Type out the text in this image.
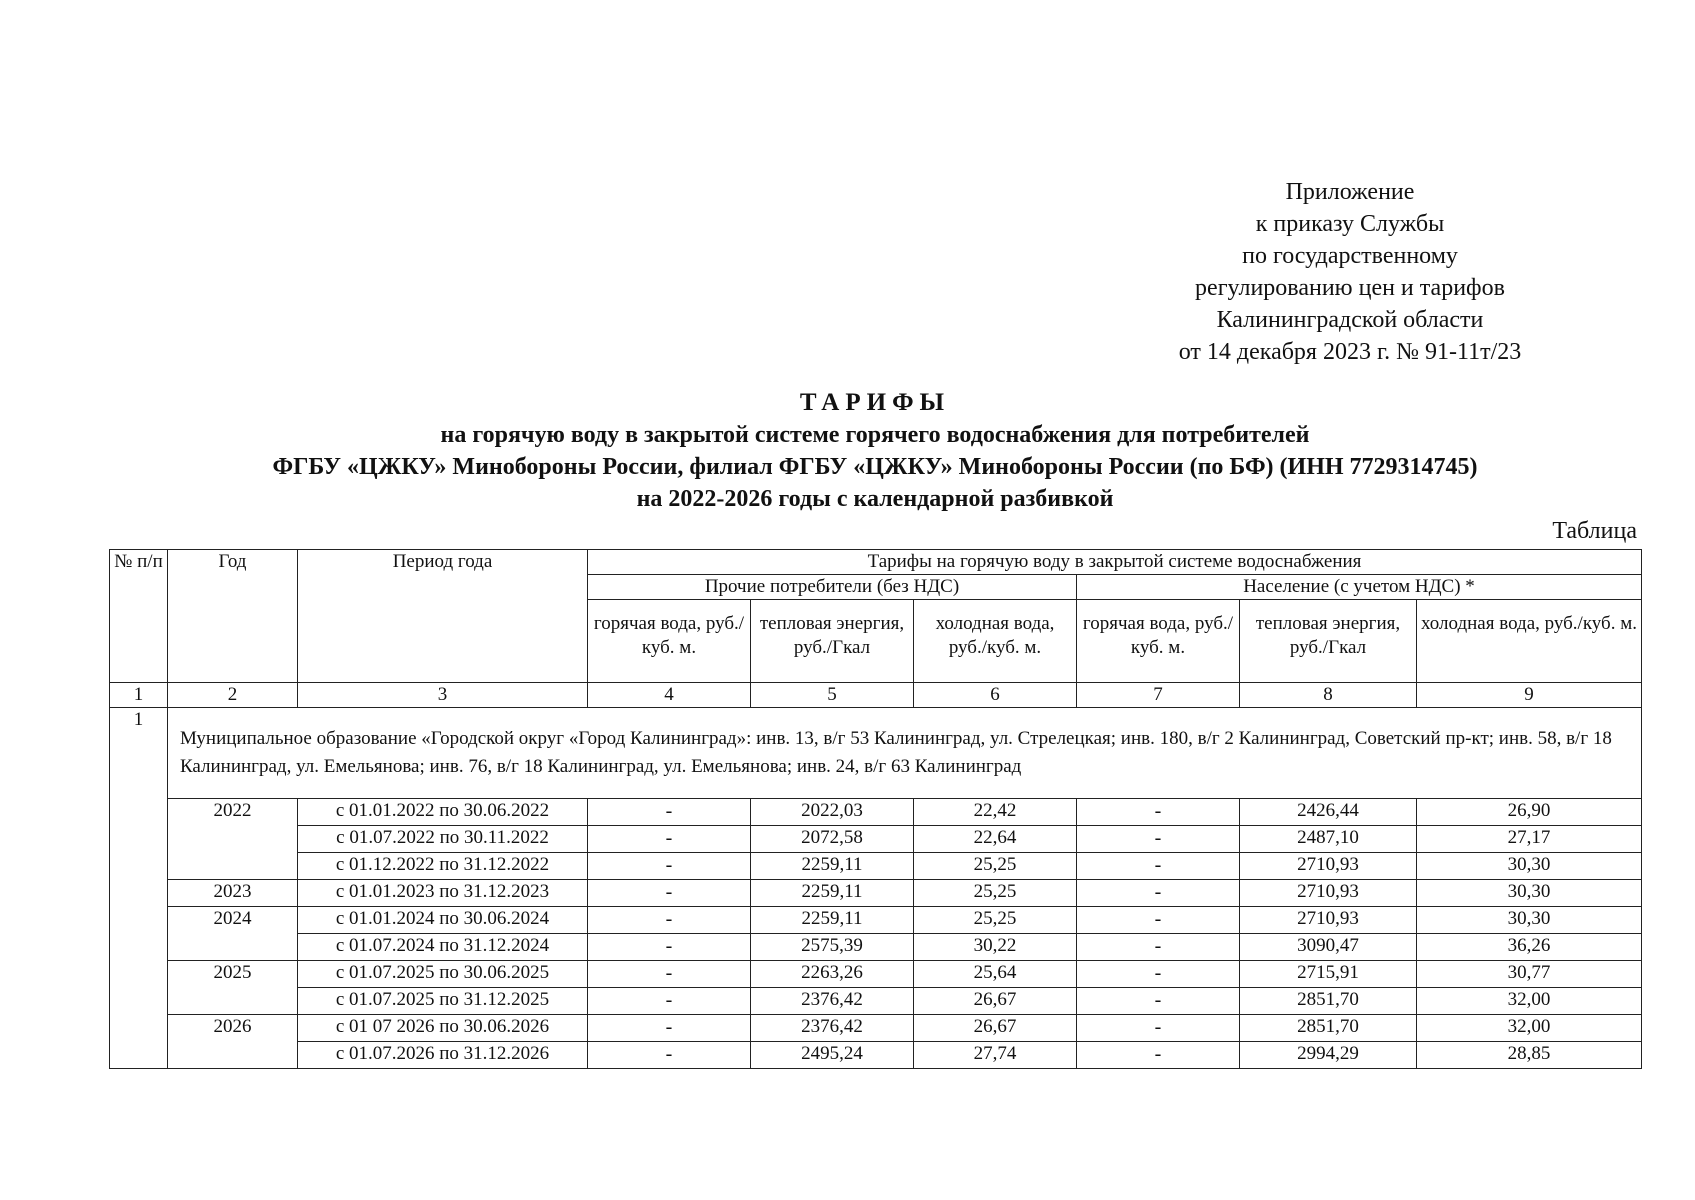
Приложение
к приказу Службы
по государственному
регулированию цен и тарифов
Калининградской области
от 14 декабря 2023 г. № 91-11т/23
ТАРИФЫ
на горячую воду в закрытой системе горячего водоснабжения для потребителей
ФГБУ «ЦЖКУ» Минобороны России, филиал ФГБУ «ЦЖКУ» Минобороны России (по БФ) (ИНН 7729314745)
на 2022-2026 годы с календарной разбивкой
Таблица
№ п/п	Год	Период года	Тарифы на горячую воду в закрытой системе водоснабжения					
			Прочие потребители (без НДС)			Население (с учетом НДС) *		
			горячая вода, руб./куб. м.	тепловая энергия, руб./Гкал	холодная вода, руб./куб. м.	горячая вода, руб./куб. м.	тепловая энергия, руб./Гкал	холодная вода, руб./куб. м.
1	2	3	4	5	6	7	8	9
1	Муниципальное образование «Городской округ «Город Калининград»: инв. 13, в/г 53 Калининград, ул. Стрелецкая; инв. 180, в/г 2 Калининград, Советский пр-кт; инв. 58, в/г 18 Калининград, ул. Емельянова; инв. 76, в/г 18 Калининград, ул. Емельянова; инв. 24, в/г 63 Калининград							
	2022	с 01.01.2022 по 30.06.2022	-	2022,03	22,42	-	2426,44	26,90
		с 01.07.2022 по 30.11.2022	-	2072,58	22,64	-	2487,10	27,17
		с 01.12.2022 по 31.12.2022	-	2259,11	25,25	-	2710,93	30,30
	2023	с 01.01.2023 по 31.12.2023	-	2259,11	25,25	-	2710,93	30,30
	2024	с 01.01.2024 по 30.06.2024	-	2259,11	25,25	-	2710,93	30,30
		с 01.07.2024 по 31.12.2024	-	2575,39	30,22	-	3090,47	36,26
	2025	с 01.07.2025 по 30.06.2025	-	2263,26	25,64	-	2715,91	30,77
		с 01.07.2025 по 31.12.2025	-	2376,42	26,67	-	2851,70	32,00
	2026	с 01 07 2026 по 30.06.2026	-	2376,42	26,67	-	2851,70	32,00
		с 01.07.2026 по 31.12.2026	-	2495,24	27,74	-	2994,29	28,85
